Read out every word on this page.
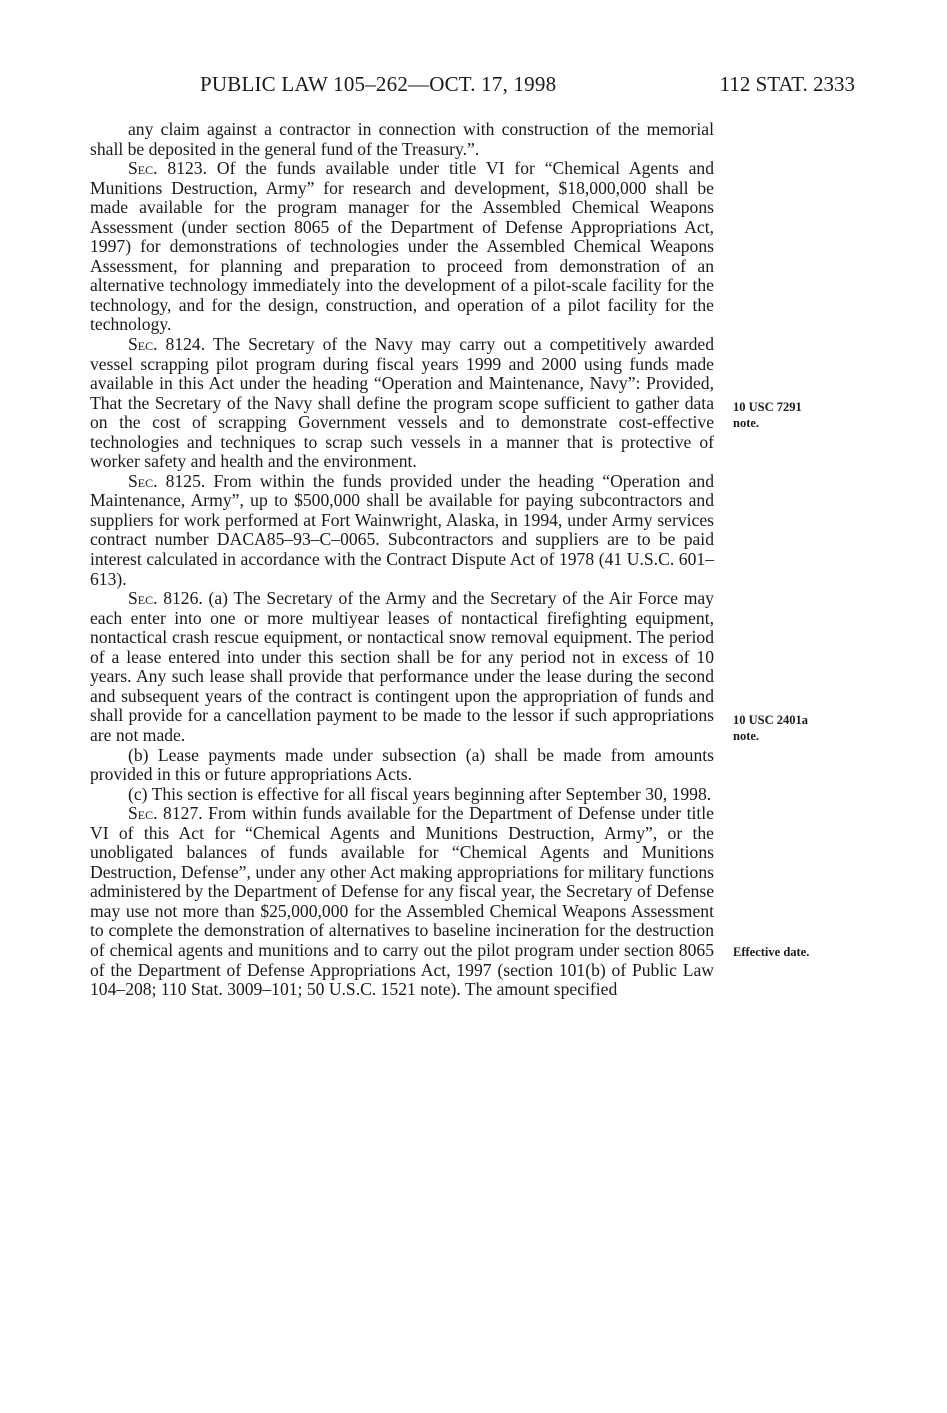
PUBLIC LAW 105–262—OCT. 17, 1998	112 STAT. 2333

any claim against a contractor in connection with construction of the memorial shall be deposited in the general fund of the Treasury.”.

Sec. 8123. Of the funds available under title VI for “Chemical Agents and Munitions Destruction, Army” for research and development, $18,000,000 shall be made available for the program manager for the Assembled Chemical Weapons Assessment (under section 8065 of the Department of Defense Appropriations Act, 1997) for demonstrations of technologies under the Assembled Chemical Weapons Assessment, for planning and preparation to proceed from demonstration of an alternative technology immediately into the development of a pilot-scale facility for the technology, and for the design, construction, and operation of a pilot facility for the technology.

Sec. 8124. The Secretary of the Navy may carry out a competitively awarded vessel scrapping pilot program during fiscal years 1999 and 2000 using funds made available in this Act under the heading “Operation and Maintenance, Navy”: Provided, That the Secretary of the Navy shall define the program scope sufficient to gather data on the cost of scrapping Government vessels and to demonstrate cost-effective technologies and techniques to scrap such vessels in a manner that is protective of worker safety and health and the environment.

Sec. 8125. From within the funds provided under the heading “Operation and Maintenance, Army”, up to $500,000 shall be available for paying subcontractors and suppliers for work performed at Fort Wainwright, Alaska, in 1994, under Army services contract number DACA85–93–C–0065. Subcontractors and suppliers are to be paid interest calculated in accordance with the Contract Dispute Act of 1978 (41 U.S.C. 601–613).

Sec. 8126. (a) The Secretary of the Army and the Secretary of the Air Force may each enter into one or more multiyear leases of nontactical firefighting equipment, nontactical crash rescue equipment, or nontactical snow removal equipment. The period of a lease entered into under this section shall be for any period not in excess of 10 years. Any such lease shall provide that performance under the lease during the second and subsequent years of the contract is contingent upon the appropriation of funds and shall provide for a cancellation payment to be made to the lessor if such appropriations are not made.

(b) Lease payments made under subsection (a) shall be made from amounts provided in this or future appropriations Acts.

(c) This section is effective for all fiscal years beginning after September 30, 1998.

Sec. 8127. From within funds available for the Department of Defense under title VI of this Act for “Chemical Agents and Munitions Destruction, Army”, or the unobligated balances of funds available for “Chemical Agents and Munitions Destruction, Defense”, under any other Act making appropriations for military functions administered by the Department of Defense for any fiscal year, the Secretary of Defense may use not more than $25,000,000 for the Assembled Chemical Weapons Assessment to complete the demonstration of alternatives to baseline incineration for the destruction of chemical agents and munitions and to carry out the pilot program under section 8065 of the Department of Defense Appropriations Act, 1997 (section 101(b) of Public Law 104–208; 110 Stat. 3009–101; 50 U.S.C. 1521 note). The amount specified

10 USC 7291
note.
10 USC 2401a
note.
Effective date.
